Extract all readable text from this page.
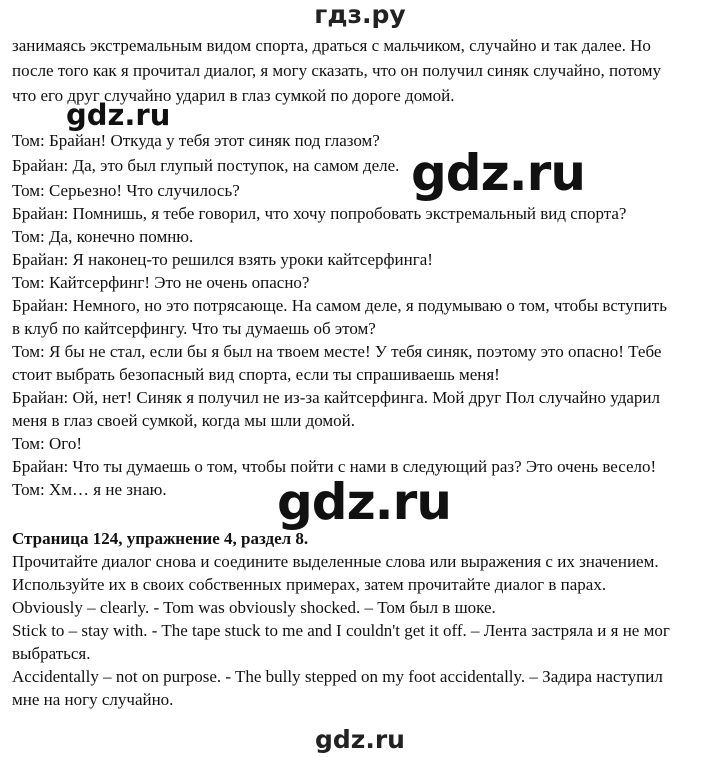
гдз.ру
занимаясь экстремальным видом спорта, драться с мальчиком, случайно и так далее. Но
после того как я прочитал диалог, я могу сказать, что он получил синяк случайно, потому
что его друг случайно ударил в глаз сумкой по дороге домой.
Том: Брайан! Откуда у тебя этот синяк под глазом?
Брайан: Да, это был глупый поступок, на самом деле.
Том: Серьезно! Что случилось?
Брайан: Помнишь, я тебе говорил, что хочу попробовать экстремальный вид спорта?
Том: Да, конечно помню.
Брайан: Я наконец-то решился взять уроки кайтсерфинга!
Том: Кайтсерфинг! Это не очень опасно?
Брайан: Немного, но это потрясающе. На самом деле, я подумываю о том, чтобы вступить
в клуб по кайтсерфингу. Что ты думаешь об этом?
Том: Я бы не стал, если бы я был на твоем месте! У тебя синяк, поэтому это опасно! Тебе
стоит выбрать безопасный вид спорта, если ты спрашиваешь меня!
Брайан: Ой, нет! Синяк я получил не из-за кайтсерфинга. Мой друг Пол случайно ударил
меня в глаз своей сумкой, когда мы шли домой.
Том: Ого!
Брайан: Что ты думаешь о том, чтобы пойти с нами в следующий раз? Это очень весело!
Том: Хм… я не знаю.
Страница 124, упражнение 4, раздел 8.
Прочитайте диалог снова и соедините выделенные слова или выражения с их значением.
Используйте их в своих собственных примерах, затем прочитайте диалог в парах.
Obviously – clearly. - Tom was obviously shocked. – Том был в шоке.
Stick to – stay with. - The tape stuck to me and I couldn't get it off. – Лента застряла и я не мог
выбраться.
Accidentally – not on purpose. - The bully stepped on my foot accidentally. – Задира наступил
мне на ногу случайно.
gdz.ru
gdz.ru
gdz.ru
gdz.ru
